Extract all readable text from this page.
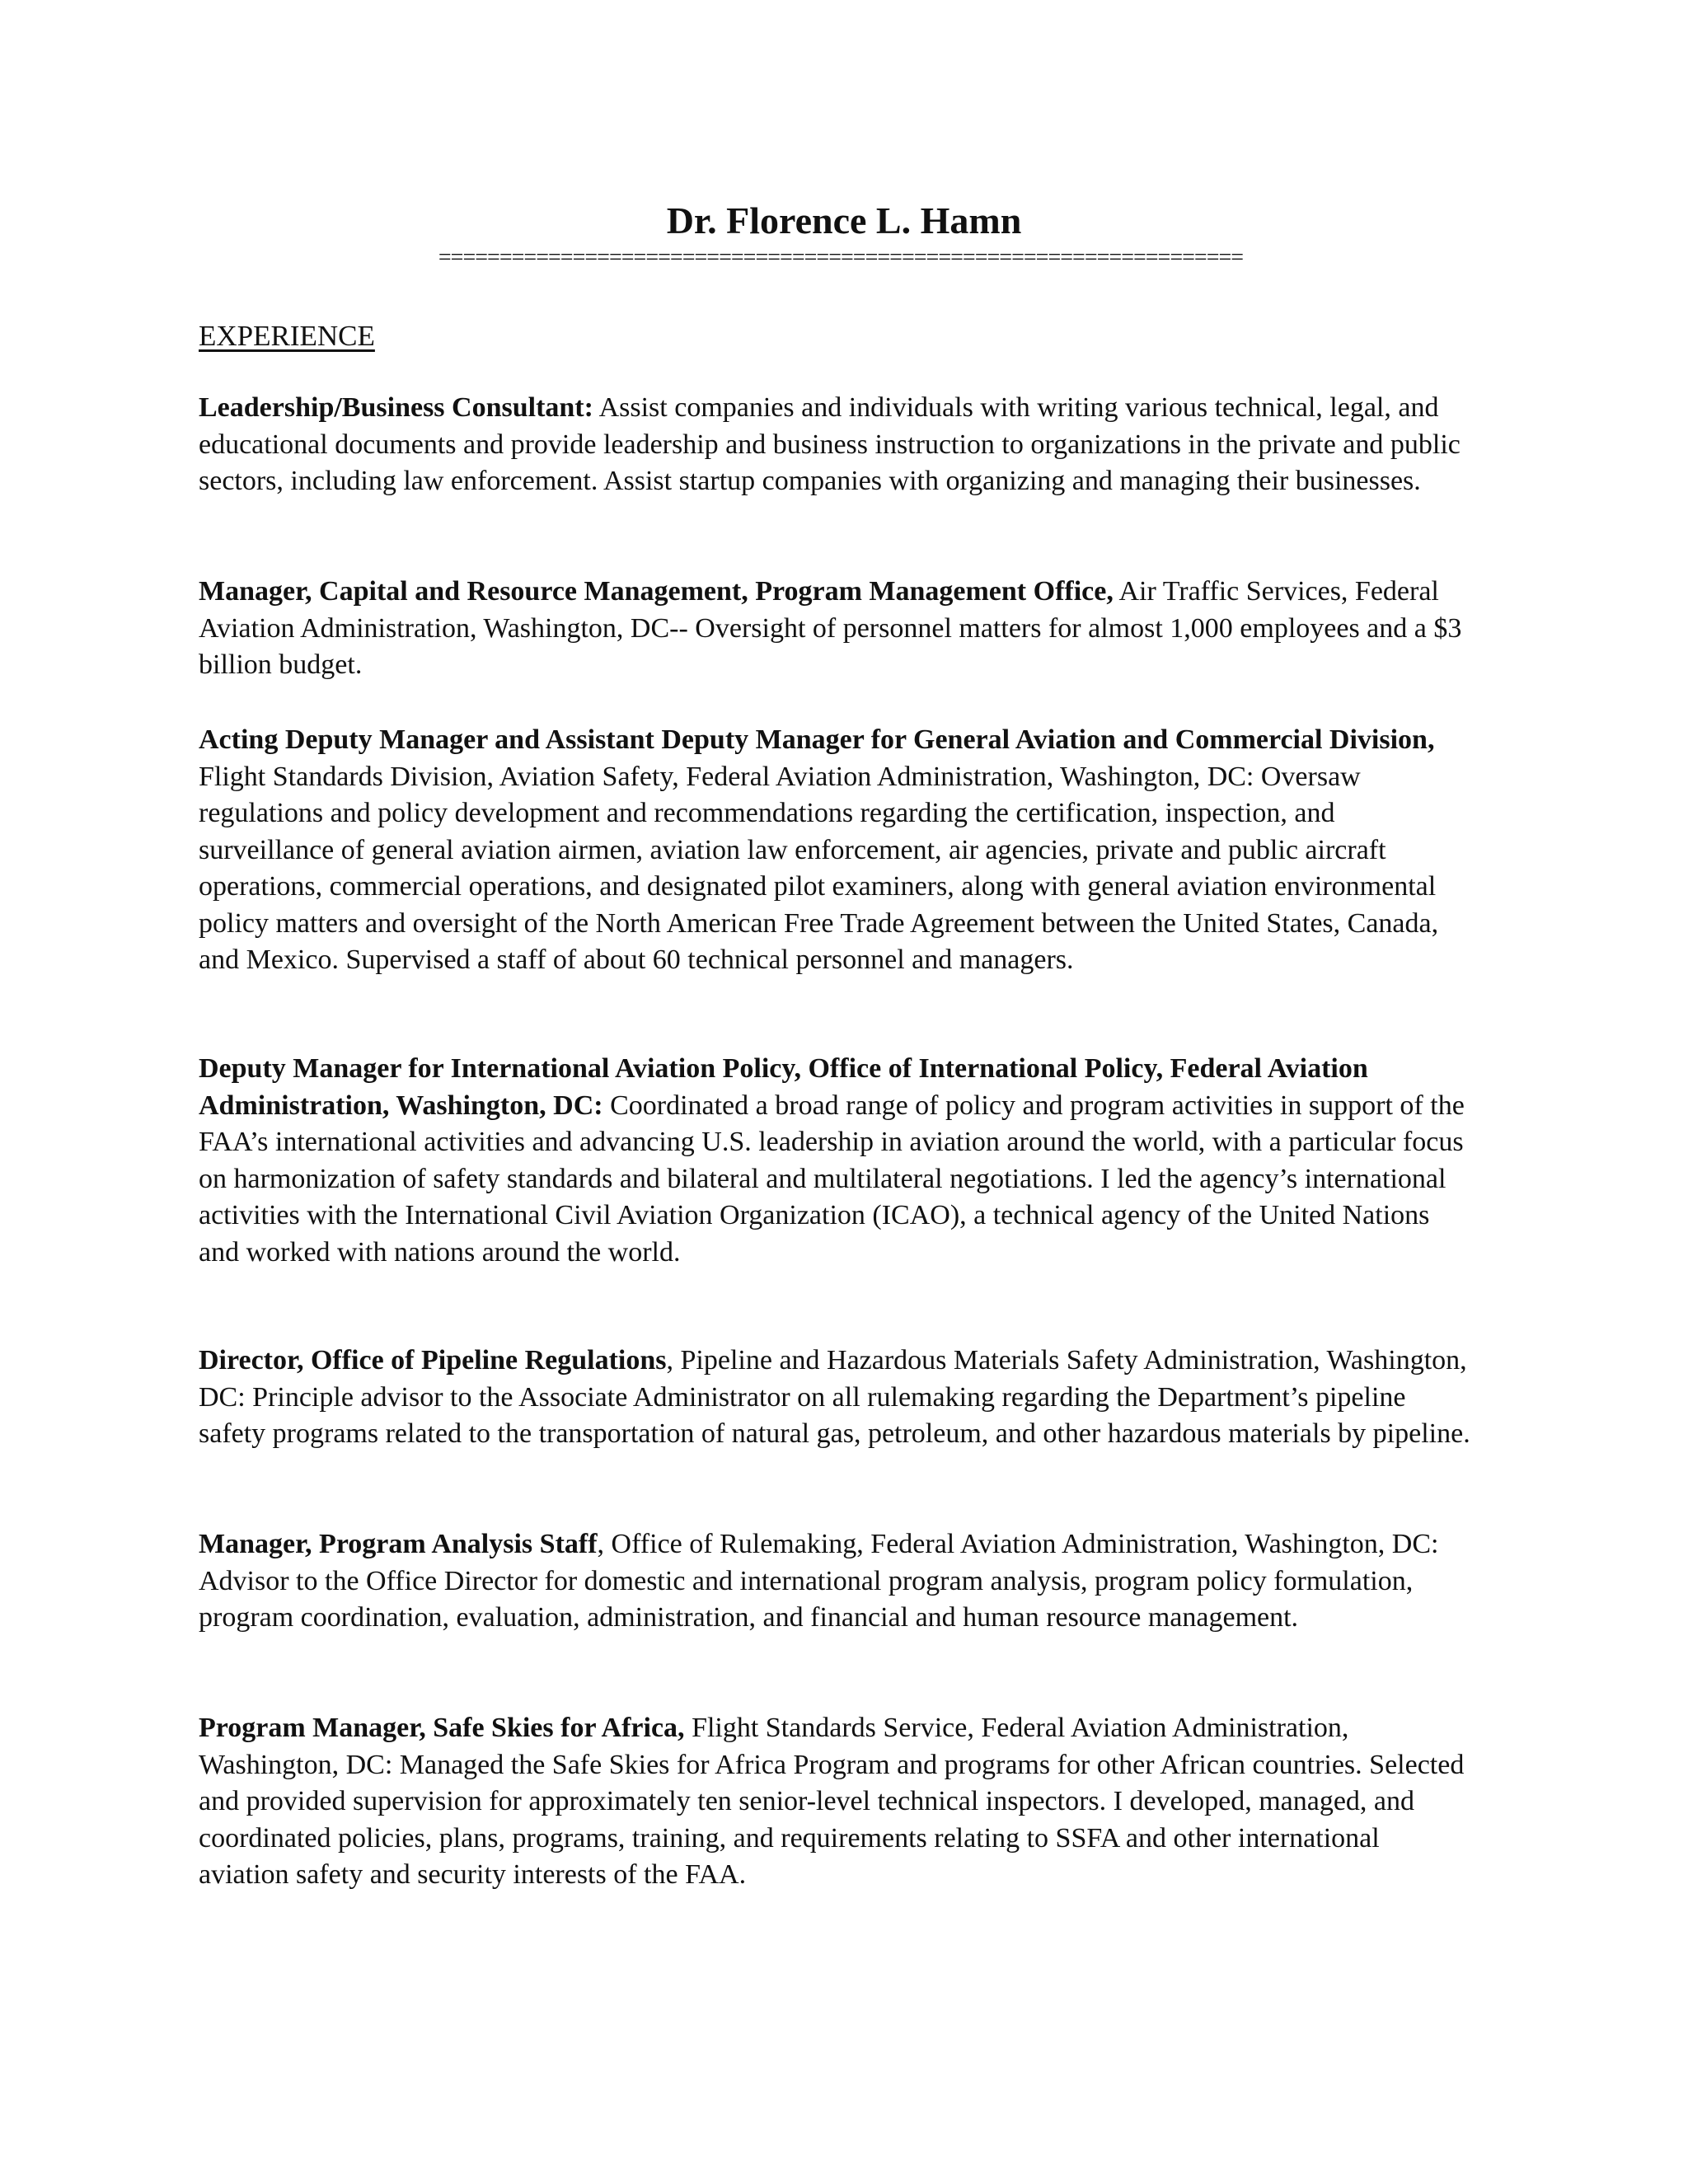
Dr. Florence L. Hamn
==================================================================
EXPERIENCE
Leadership/Business Consultant: Assist companies and individuals with writing various technical, legal, and educational documents and provide leadership and business instruction to organizations in the private and public sectors, including law enforcement. Assist startup companies with organizing and managing their businesses.
Manager, Capital and Resource Management, Program Management Office, Air Traffic Services, Federal Aviation Administration, Washington, DC-- Oversight of personnel matters for almost 1,000 employees and a $3 billion budget.
Acting Deputy Manager and Assistant Deputy Manager for General Aviation and Commercial Division, Flight Standards Division, Aviation Safety, Federal Aviation Administration, Washington, DC: Oversaw regulations and policy development and recommendations regarding the certification, inspection, and surveillance of general aviation airmen, aviation law enforcement, air agencies, private and public aircraft operations, commercial operations, and designated pilot examiners, along with general aviation environmental policy matters and oversight of the North American Free Trade Agreement between the United States, Canada, and Mexico. Supervised a staff of about 60 technical personnel and managers.
Deputy Manager for International Aviation Policy, Office of International Policy, Federal Aviation Administration, Washington, DC: Coordinated a broad range of policy and program activities in support of the FAA’s international activities and advancing U.S. leadership in aviation around the world, with a particular focus on harmonization of safety standards and bilateral and multilateral negotiations. I led the agency’s international activities with the International Civil Aviation Organization (ICAO), a technical agency of the United Nations and worked with nations around the world.
Director, Office of Pipeline Regulations, Pipeline and Hazardous Materials Safety Administration, Washington, DC: Principle advisor to the Associate Administrator on all rulemaking regarding the Department’s pipeline safety programs related to the transportation of natural gas, petroleum, and other hazardous materials by pipeline.
Manager, Program Analysis Staff, Office of Rulemaking, Federal Aviation Administration, Washington, DC: Advisor to the Office Director for domestic and international program analysis, program policy formulation, program coordination, evaluation, administration, and financial and human resource management.
Program Manager, Safe Skies for Africa, Flight Standards Service, Federal Aviation Administration, Washington, DC: Managed the Safe Skies for Africa Program and programs for other African countries. Selected and provided supervision for approximately ten senior-level technical inspectors. I developed, managed, and coordinated policies, plans, programs, training, and requirements relating to SSFA and other international aviation safety and security interests of the FAA.
